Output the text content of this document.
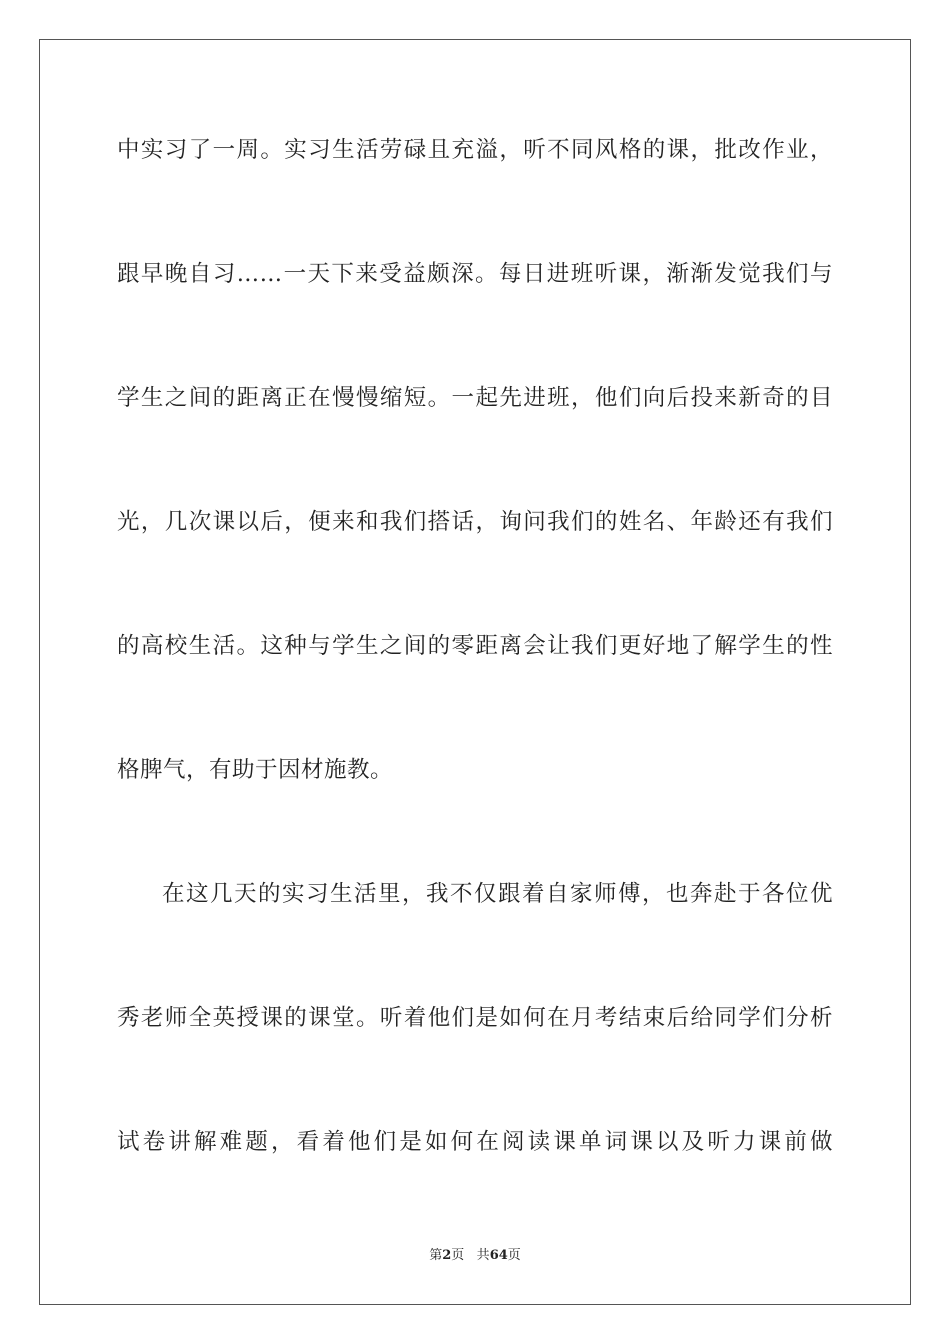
中实习了一周。实习生活劳碌且充溢，听不同风格的课，批改作业，
跟早晚自习……一天下来受益颇深。每日进班听课，渐渐发觉我们与
学生之间的距离正在慢慢缩短。一起先进班，他们向后投来新奇的目
光，几次课以后，便来和我们搭话，询问我们的姓名、年龄还有我们
的高校生活。这种与学生之间的零距离会让我们更好地了解学生的性
格脾气，有助于因材施教。
在这几天的实习生活里，我不仅跟着自家师傅，也奔赴于各位优
秀老师全英授课的课堂。听着他们是如何在月考结束后给同学们分析
试卷讲解难题，看着他们是如何在阅读课单词课以及听力课前做
第2页 共64页
